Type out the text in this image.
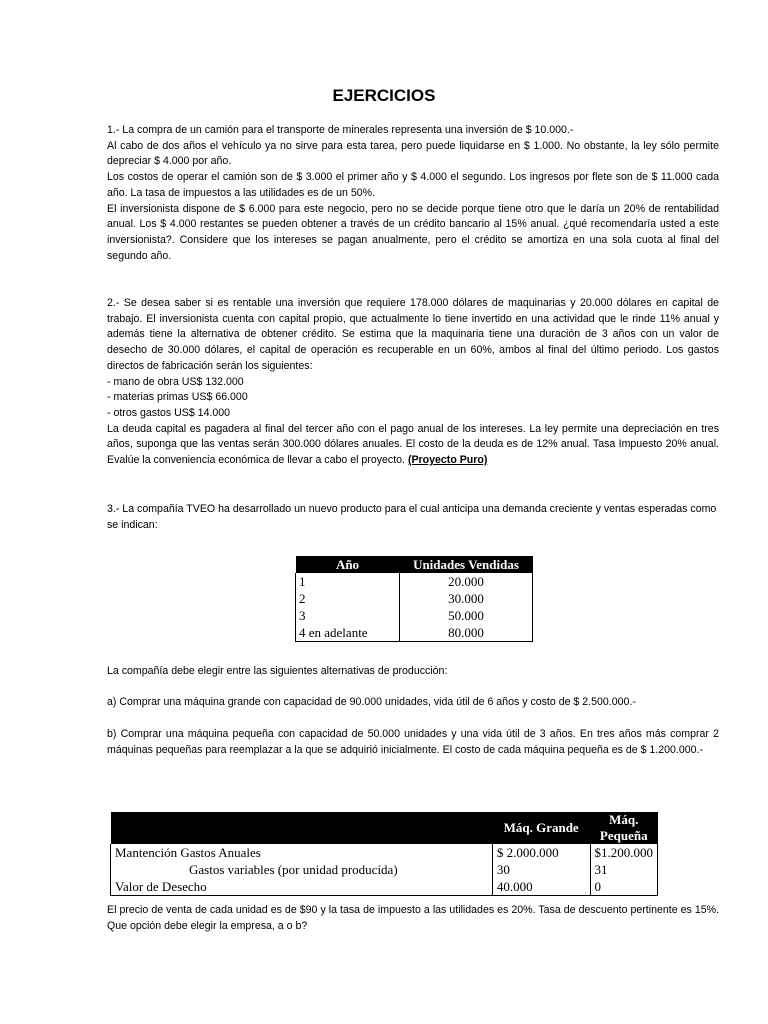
EJERCICIOS

1.- La compra de un camión para el transporte de minerales representa una inversión de $ 10.000.-

Al cabo de dos años el vehículo ya no sirve para esta tarea, pero puede liquidarse en $ 1.000. No obstante, la ley sólo permite depreciar $ 4.000 por año.

Los costos de operar el camión son de $ 3.000 el primer año y $ 4.000 el segundo. Los ingresos por flete son de $ 11.000 cada año. La tasa de impuestos a las utilidades es de un 50%.

El inversionista dispone de $ 6.000 para este negocio, pero no se decide porque tiene otro que le daría un 20% de rentabilidad anual. Los $ 4.000 restantes se pueden obtener a través de un crédito bancario al 15% anual. ¿qué recomendaría usted a este inversionista?. Considere que los intereses se pagan anualmente, pero el crédito se amortiza en una sola cuota al final del segundo año.

2.- Se desea saber si es rentable una inversión que requiere 178.000 dólares de maquinarias y 20.000 dólares en capital de trabajo. El inversionista cuenta con capital propio, que actualmente lo tiene invertido en una actividad que le rinde 11% anual y además tiene la alternativa de obtener crédito. Se estima que la maquinaria tiene una duración de 3 años con un valor de desecho de 30.000 dólares, el capital de operación es recuperable en un 60%, ambos al final del último periodo. Los gastos directos de fabricación serán los siguientes:

- mano de obra US$ 132.000

- materias primas US$ 66.000

- otros gastos US$ 14.000

La deuda capital es pagadera al final del tercer año con el pago anual de los intereses. La ley permite una depreciación en tres años, suponga que las ventas serán 300.000 dólares anuales. El costo de la deuda es de 12% anual. Tasa Impuesto 20% anual. Evalúe la conveniencia económica de llevar a cabo el proyecto. (Proyecto Puro)

3.- La compañía TVEO ha desarrollado un nuevo producto para el cual anticipa una demanda creciente y ventas esperadas como se indican:
Año	Unidades Vendidas
1	20.000
2	30.000
3	50.000
4 en adelante	80.000
La compañía debe elegir entre las siguientes alternativas de producción:
a) Comprar una máquina grande con capacidad de 90.000 unidades, vida útil de 6 años y costo de $ 2.500.000.-
b) Comprar una máquina pequeña con capacidad de 50.000 unidades y una vida útil de 3 años. En tres años más comprar 2 máquinas pequeñas para reemplazar a la que se adquirió inicialmente. El costo de cada máquina pequeña es de $ 1.200.000.-
	Máq. Grande	Máq. Pequeña
Mantención Gastos Anuales	$ 2.000.000	$1.200.000
Gastos variables (por unidad producida)	30	31
Valor de Desecho	40.000	0
El precio de venta de cada unidad es de $90 y la tasa de impuesto a las utilidades es 20%. Tasa de descuento pertinente es 15%. Que opción debe elegir la empresa, a o b?
